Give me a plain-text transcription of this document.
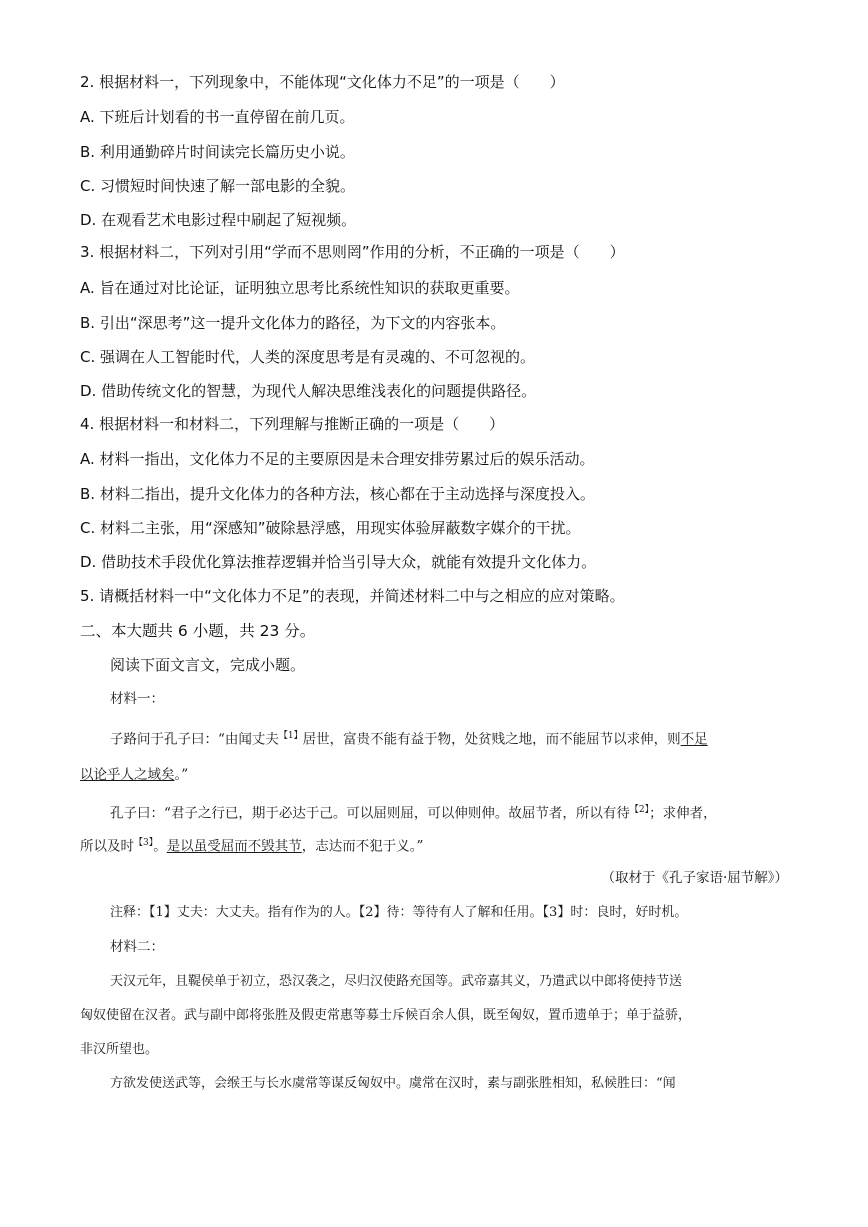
2. 根据材料一，下列现象中，不能体现“文化体力不足”的一项是（　　）
A. 下班后计划看的书一直停留在前几页。
B. 利用通勤碎片时间读完长篇历史小说。
C. 习惯短时间快速了解一部电影的全貌。
D. 在观看艺术电影过程中刷起了短视频。
3. 根据材料二，下列对引用“学而不思则罔”作用的分析，不正确的一项是（　　）
A. 旨在通过对比论证，证明独立思考比系统性知识的获取更重要。
B. 引出“深思考”这一提升文化体力的路径，为下文的内容张本。
C. 强调在人工智能时代，人类的深度思考是有灵魂的、不可忽视的。
D. 借助传统文化的智慧，为现代人解决思维浅表化的问题提供路径。
4. 根据材料一和材料二，下列理解与推断正确的一项是（　　）
A. 材料一指出，文化体力不足的主要原因是未合理安排劳累过后的娱乐活动。
B. 材料二指出，提升文化体力的各种方法，核心都在于主动选择与深度投入。
C. 材料二主张，用“深感知”破除悬浮感，用现实体验屏蔽数字媒介的干扰。
D. 借助技术手段优化算法推荐逻辑并恰当引导大众，就能有效提升文化体力。
5. 请概括材料一中“文化体力不足”的表现，并简述材料二中与之相应的应对策略。
二、本大题共 6 小题，共 23 分。
阅读下面文言文，完成小题。
材料一：
子路问于孔子曰：“由闻丈夫$^{【1】}$居世，富贵不能有益于物，处贫贱之地，而不能屈节以求伸，则不足
以论乎人之域矣。”
孔子曰：“君子之行已，期于必达于己。可以屈则屈，可以伸则伸。故屈节者，所以有待$^{【2】}$；求伸者，
所以及时$^{【3】}$。是以虽受屈而不毁其节，志达而不犯于义。”
（取材于《孔子家语·屈节解》）
注释：【1】丈夫：大丈夫。指有作为的人。【2】待：等待有人了解和任用。【3】时：良时，好时机。
材料二：
天汉元年，且鞮侯单于初立，恐汉袭之，尽归汉使路充国等。武帝嘉其义，乃遣武以中郎将使持节送
匈奴使留在汉者。武与副中郎将张胜及假吏常惠等募士斥候百余人俱，既至匈奴，置币遗单于；单于益骄，
非汉所望也。
方欲发使送武等，会缑王与长水虞常等谋反匈奴中。虞常在汉时，素与副张胜相知，私候胜曰：“闻
